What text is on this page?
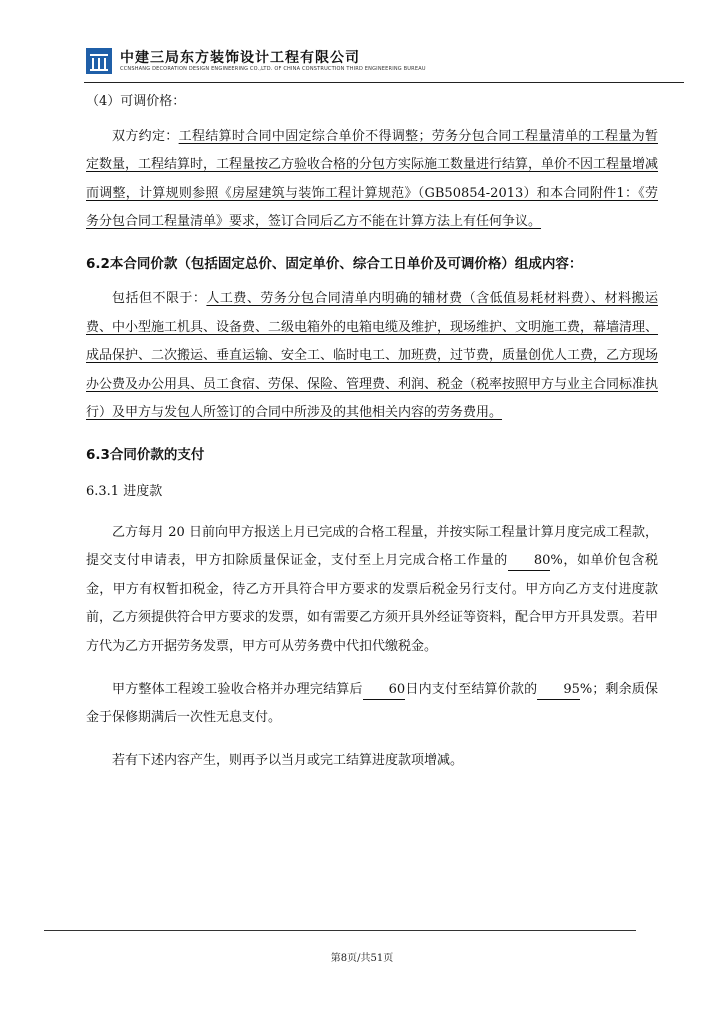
中建三局东方装饰设计工程有限公司
CCNSHANG DECORATION DESIGN ENGINEERING CO.,LTD. OF CHINA CONSTRUCTION THIRD ENGINEERING BUREAU

（4）可调价格：

双方约定：工程结算时合同中固定综合单价不得调整；劳务分包合同工程量清单的工程量为暂定数量，工程结算时，工程量按乙方验收合格的分包方实际施工数量进行结算，单价不因工程量增减而调整，计算规则参照《房屋建筑与装饰工程计算规范》（GB50854-2013）和本合同附件1：《劳务分包合同工程量清单》要求，签订合同后乙方不能在计算方法上有任何争议。

6.2本合同价款（包括固定总价、固定单价、综合工日单价及可调价格）组成内容：

包括但不限于：人工费、劳务分包合同清单内明确的辅材费（含低值易耗材料费）、材料搬运费、中小型施工机具、设备费、二级电箱外的电箱电缆及维护，现场维护、文明施工费，幕墙清理、成品保护、二次搬运、垂直运输、安全工、临时电工、加班费，过节费，质量创优人工费，乙方现场办公费及办公用具、员工食宿、劳保、保险、管理费、利润、税金（税率按照甲方与业主合同标准执行）及甲方与发包人所签订的合同中所涉及的其他相关内容的劳务费用。

6.3合同价款的支付

6.3.1 进度款

乙方每月 20 日前向甲方报送上月已完成的合格工程量，并按实际工程量计算月度完成工程款，提交支付申请表，甲方扣除质量保证金，支付至上月完成合格工作量的 80%，如单价包含税金，甲方有权暂扣税金，待乙方开具符合甲方要求的发票后税金另行支付。甲方向乙方支付进度款前，乙方须提供符合甲方要求的发票，如有需要乙方须开具外经证等资料，配合甲方开具发票。若甲方代为乙方开据劳务发票，甲方可从劳务费中代扣代缴税金。

甲方整体工程竣工验收合格并办理完结算后 60日内支付至结算价款的 95%；剩余质保金于保修期满后一次性无息支付。

若有下述内容产生，则再予以当月或完工结算进度款项增减。

第8页/共51页
